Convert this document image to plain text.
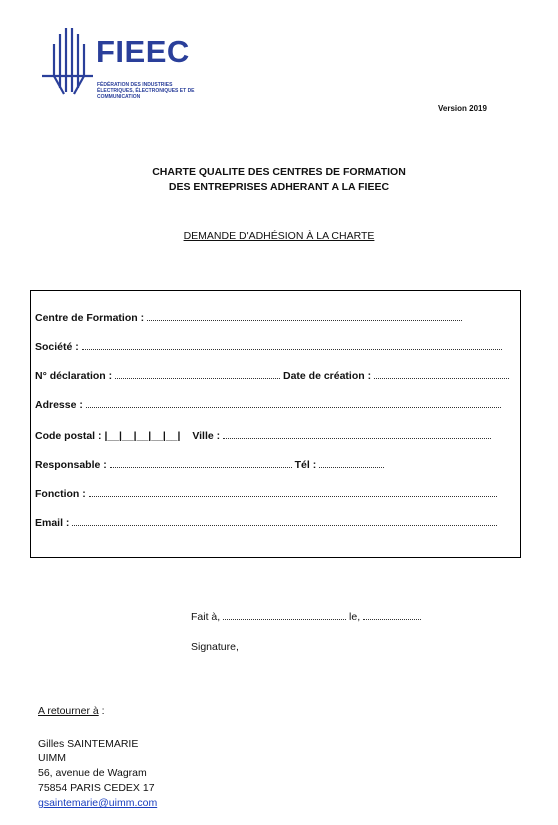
FIEEC
FÉDÉRATION DES INDUSTRIES ÉLECTRIQUES, ÉLECTRONIQUES ET DE COMMUNICATION
Version 2019
CHARTE QUALITE DES CENTRES DE FORMATION
DES ENTREPRISES ADHERANT A LA FIEEC
DEMANDE D'ADHÉSION À LA CHARTE
Centre de Formation :
Société :
N° déclaration :	Date de création :
Adresse :
Code postal : |__|__|__|__|__| Ville :
Responsable :	Tél :
Fonction :
Email :
Fait à,	le,
Signature,
A retourner à :
Gilles SAINTEMARIE
UIMM
56, avenue de Wagram
75854 PARIS CEDEX 17
gsaintemarie@uimm.com
